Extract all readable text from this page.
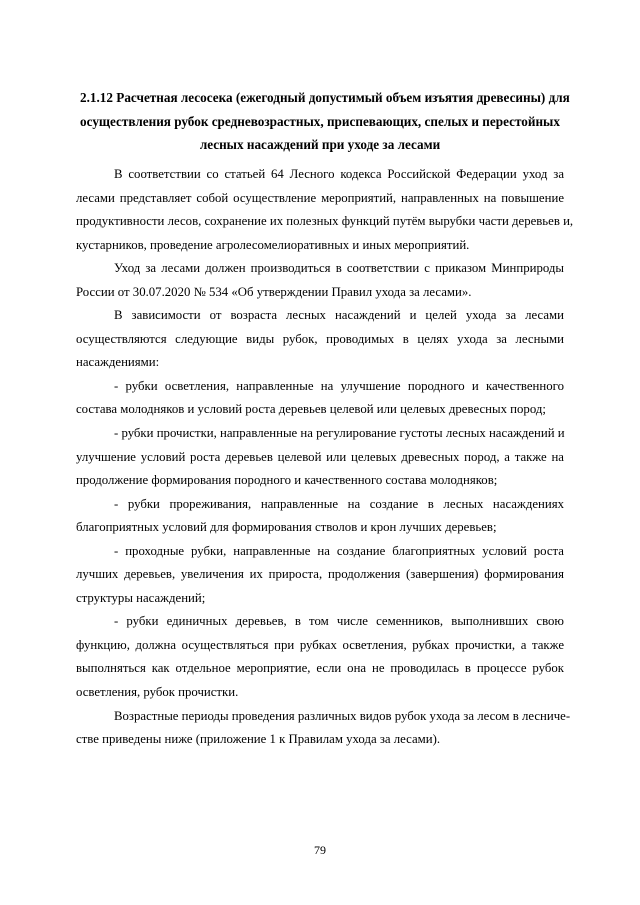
2.1.12 Расчетная лесосека (ежегодный допустимый объем изъятия древесины) для
осуществления рубок средневозрастных, приспевающих, спелых и перестойных
лесных насаждений при уходе за лесами
В соответствии со статьей 64 Лесного кодекса Российской Федерации уход за
лесами представляет собой осуществление мероприятий, направленных на повышение
продуктивности лесов, сохранение их полезных функций путём вырубки части деревьев и,
кустарников, проведение агролесомелиоративных и иных мероприятий.
Уход за лесами должен производиться в соответствии с приказом Минприроды
России от 30.07.2020 № 534 «Об утверждении Правил ухода за лесами».
В зависимости от возраста лесных насаждений и целей ухода за лесами
осуществляются следующие виды рубок, проводимых в целях ухода за лесными
насаждениями:
- рубки осветления, направленные на улучшение породного и качественного
состава молодняков и условий роста деревьев целевой или целевых древесных пород;
- рубки прочистки, направленные на регулирование густоты лесных насаждений и
улучшение условий роста деревьев целевой или целевых древесных пород, а также на
продолжение формирования породного и качественного состава молодняков;
- рубки прореживания, направленные на создание в лесных насаждениях
благоприятных условий для формирования стволов и крон лучших деревьев;
- проходные рубки, направленные на создание благоприятных условий роста
лучших деревьев, увеличения их прироста, продолжения (завершения) формирования
структуры насаждений;
- рубки единичных деревьев, в том числе семенников, выполнивших свою
функцию, должна осуществляться при рубках осветления, рубках прочистки, а также
выполняться как отдельное мероприятие, если она не проводилась в процессе рубок
осветления, рубок прочистки.
Возрастные периоды проведения различных видов рубок ухода за лесом в лесниче-
стве приведены ниже (приложение 1 к Правилам ухода за лесами).
79
